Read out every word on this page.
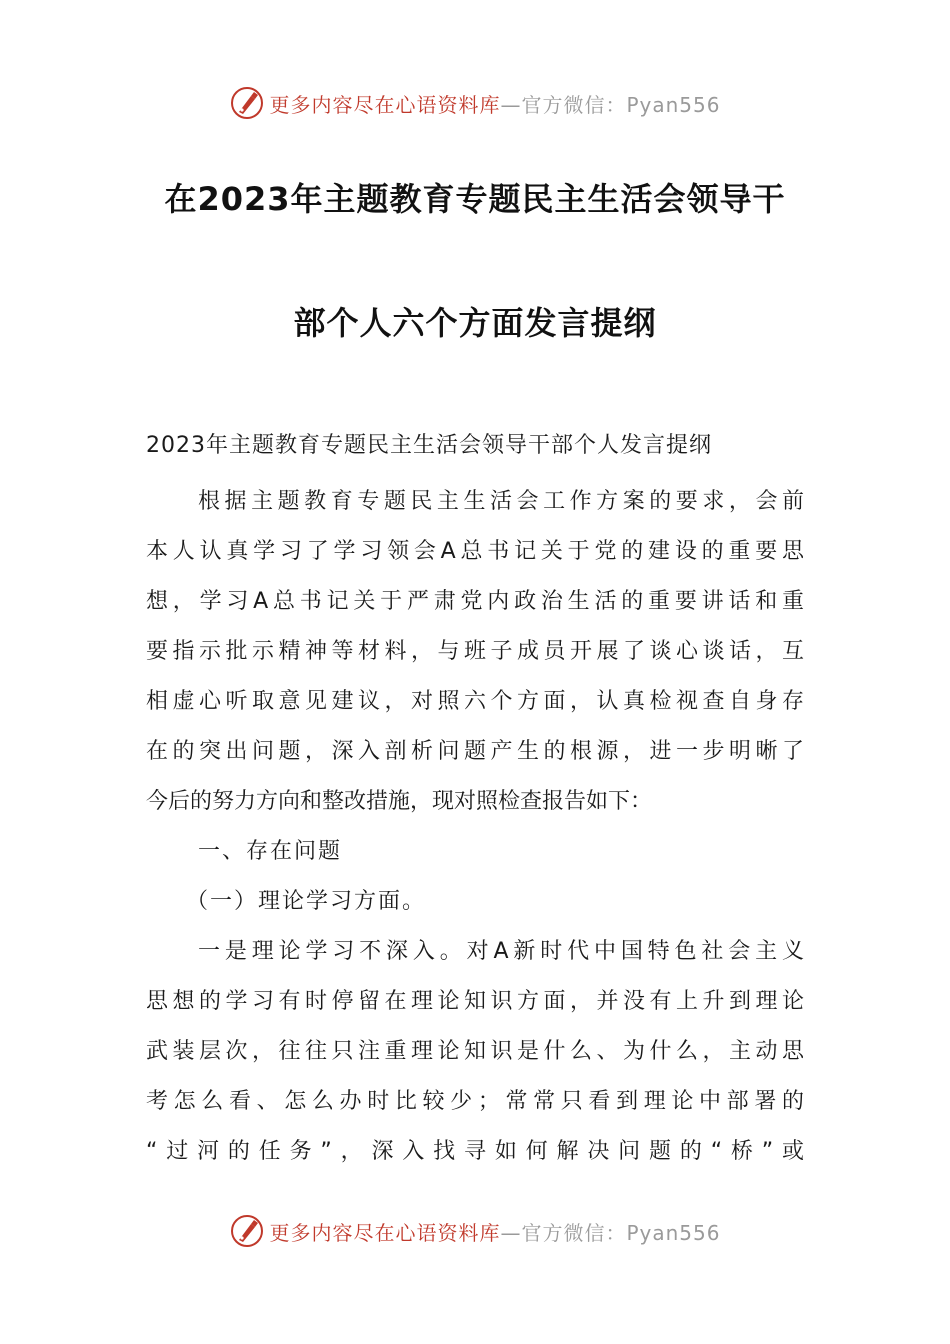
更多内容尽在心语资料库 —官方微信：Pyan556
在2023年主题教育专题民主生活会领导干
部个人六个方面发言提纲
2023年主题教育专题民主生活会领导干部个人发言提纲
根据主题教育专题民主生活会工作方案的要求，会前
本人认真学习了学习领会A总书记关于党的建设的重要思
想，学习A总书记关于严肃党内政治生活的重要讲话和重
要指示批示精神等材料，与班子成员开展了谈心谈话，互
相虚心听取意见建议，对照六个方面，认真检视查自身存
在的突出问题，深入剖析问题产生的根源，进一步明晰了
今后的努力方向和整改措施，现对照检查报告如下：
一、存在问题
（一）理论学习方面。
一是理论学习不深入。对A新时代中国特色社会主义
思想的学习有时停留在理论知识方面，并没有上升到理论
武装层次，往往只注重理论知识是什么、为什么，主动思
考怎么看、怎么办时比较少；常常只看到理论中部署的
“过河的任务”，深入找寻如何解决问题的“桥”或
更多内容尽在心语资料库 —官方微信：Pyan556
